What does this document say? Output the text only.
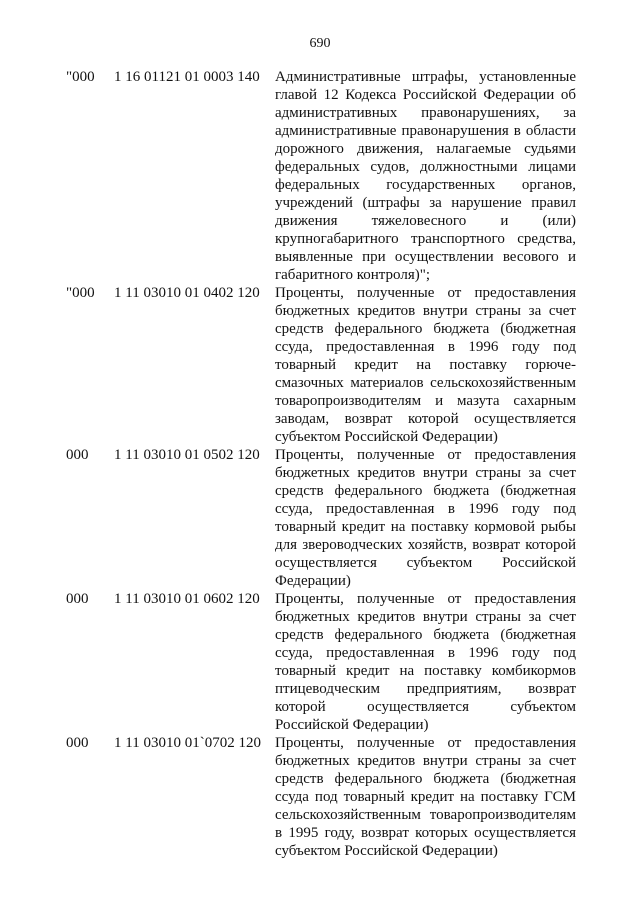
690
"000	1 16 01121 01 0003 140	Административные штрафы, установленные главой 12 Кодекса Российской Федерации об административных правонарушениях, за административные правонарушения в области дорожного движения, налагаемые судьями федеральных судов, должностными лицами федеральных государственных органов, учреждений (штрафы за нарушение правил движения тяжеловесного и (или) крупногабаритного транспортного средства, выявленные при осуществлении весового и габаритного контроля)";
"000	1 11 03010 01 0402 120	Проценты, полученные от предоставления бюджетных кредитов внутри страны за счет средств федерального бюджета (бюджетная ссуда, предоставленная в 1996 году под товарный кредит на поставку горюче-смазочных материалов сельскохозяйственным товаропроизводителям и мазута сахарным заводам, возврат которой осуществляется субъектом Российской Федерации)
000	1 11 03010 01 0502 120	Проценты, полученные от предоставления бюджетных кредитов внутри страны за счет средств федерального бюджета (бюджетная ссуда, предоставленная в 1996 году под товарный кредит на поставку кормовой рыбы для звероводческих хозяйств, возврат которой осуществляется субъектом Российской Федерации)
000	1 11 03010 01 0602 120	Проценты, полученные от предоставления бюджетных кредитов внутри страны за счет средств федерального бюджета (бюджетная ссуда, предоставленная в 1996 году под товарный кредит на поставку комбикормов птицеводческим предприятиям, возврат которой осуществляется субъектом Российской Федерации)
000	1 11 03010 01`0702 120 Проценты, полученные от предоставления бюджетных кредитов внутри страны за счет средств федерального бюджета (бюджетная ссуда под товарный кредит на поставку ГСМ сельскохозяйственным товаропроизводителям в 1995 году, возврат которых осуществляется субъектом Российской Федерации)
